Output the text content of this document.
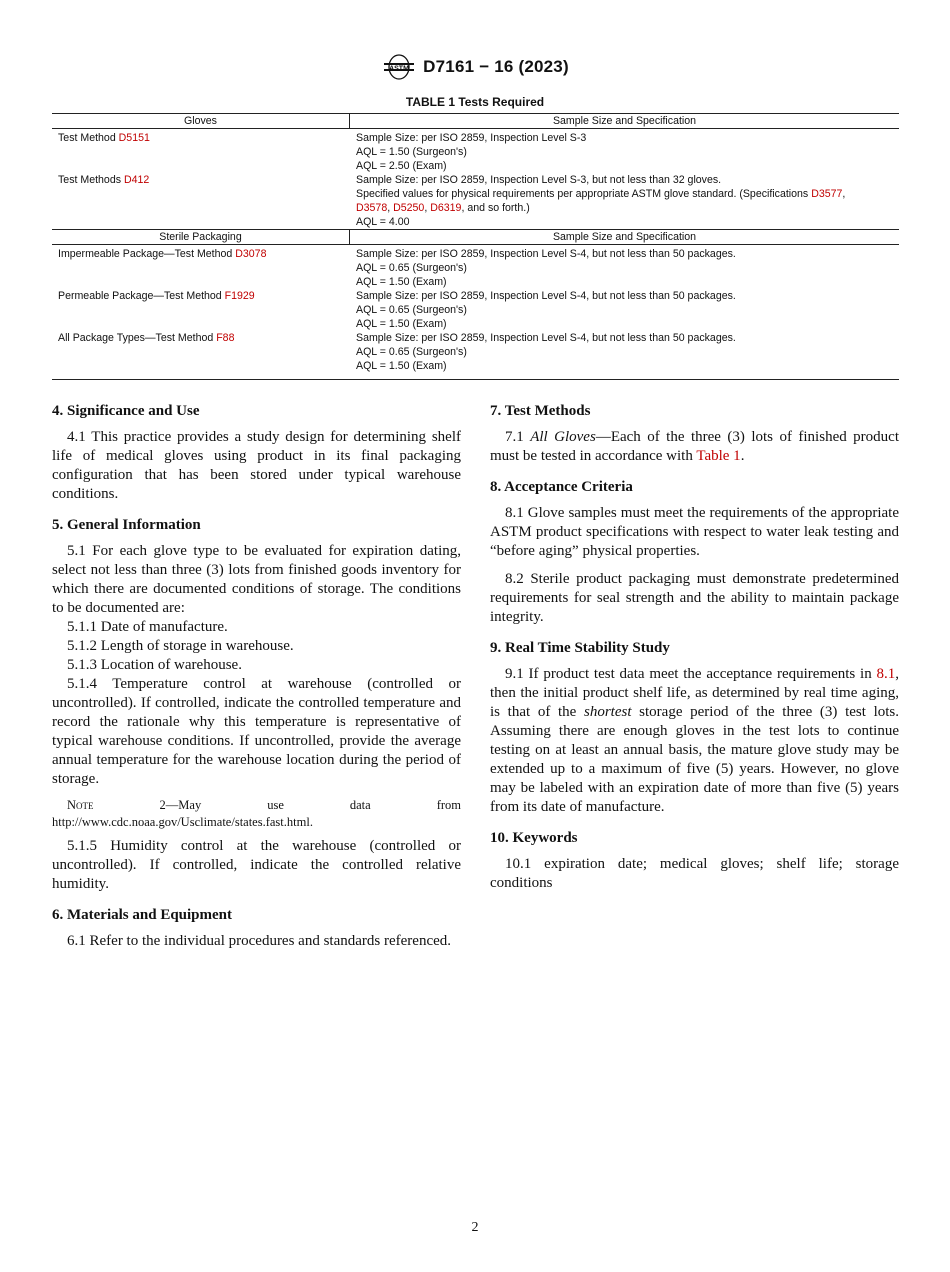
ASTM D7161 − 16 (2023)
TABLE 1 Tests Required
Gloves	Sample Size and Specification
Test Method D5151	Sample Size: per ISO 2859, Inspection Level S-3
AQL = 1.50 (Surgeon's)
AQL = 2.50 (Exam)
Test Methods D412	Sample Size: per ISO 2859, Inspection Level S-3, but not less than 32 gloves.
Specified values for physical requirements per appropriate ASTM glove standard. (Specifications D3577,
D3578, D5250, D6319, and so forth.)
AQL = 4.00
Sterile Packaging	Sample Size and Specification
Impermeable Package—Test Method D3078	Sample Size: per ISO 2859, Inspection Level S-4, but not less than 50 packages.
AQL = 0.65 (Surgeon's)
AQL = 1.50 (Exam)
Permeable Package—Test Method F1929	Sample Size: per ISO 2859, Inspection Level S-4, but not less than 50 packages.
AQL = 0.65 (Surgeon's)
AQL = 1.50 (Exam)
All Package Types—Test Method F88	Sample Size: per ISO 2859, Inspection Level S-4, but not less than 50 packages.
AQL = 0.65 (Surgeon's)
AQL = 1.50 (Exam)
4. Significance and Use

4.1 This practice provides a study design for determining shelf life of medical gloves using product in its final packaging configuration that has been stored under typical warehouse conditions.

5. General Information

5.1 For each glove type to be evaluated for expiration dating, select not less than three (3) lots from finished goods inventory for which there are documented conditions of storage. The conditions to be documented are:

5.1.1 Date of manufacture.

5.1.2 Length of storage in warehouse.

5.1.3 Location of warehouse.

5.1.4 Temperature control at warehouse (controlled or uncontrolled). If controlled, indicate the controlled temperature and record the rationale why this temperature is representative of typical warehouse conditions. If uncontrolled, provide the average annual temperature for the warehouse location during the period of storage.

Note 2—May use data from http://www.cdc.noaa.gov/Usclimate/states.fast.html.

5.1.5 Humidity control at the warehouse (controlled or uncontrolled). If controlled, indicate the controlled relative humidity.

6. Materials and Equipment

6.1 Refer to the individual procedures and standards referenced.

7. Test Methods

7.1 All Gloves—Each of the three (3) lots of finished product must be tested in accordance with Table 1.

8. Acceptance Criteria

8.1 Glove samples must meet the requirements of the appropriate ASTM product specifications with respect to water leak testing and “before aging” physical properties.

8.2 Sterile product packaging must demonstrate predetermined requirements for seal strength and the ability to maintain package integrity.

9. Real Time Stability Study

9.1 If product test data meet the acceptance requirements in 8.1, then the initial product shelf life, as determined by real time aging, is that of the shortest storage period of the three (3) test lots. Assuming there are enough gloves in the test lots to continue testing on at least an annual basis, the mature glove study may be extended up to a maximum of five (5) years. However, no glove may be labeled with an expiration date of more than five (5) years from its date of manufacture.

10. Keywords

10.1 expiration date; medical gloves; shelf life; storage conditions

2
